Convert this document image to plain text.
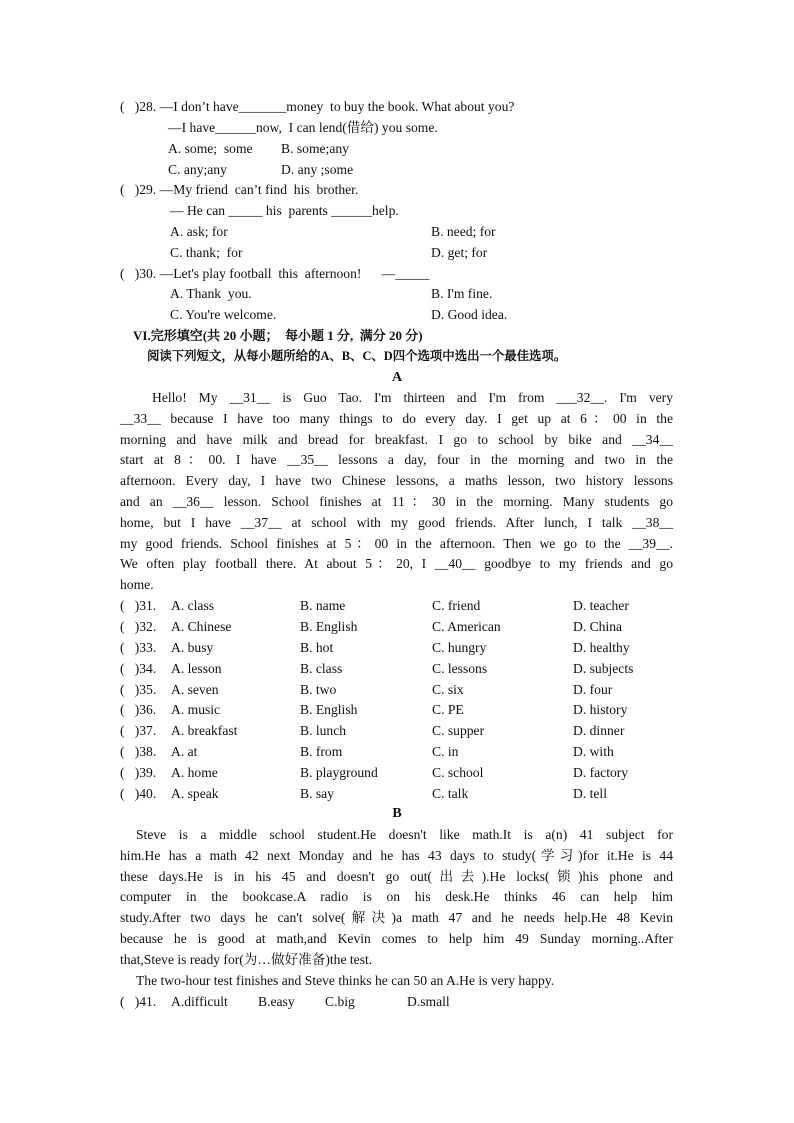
(   )28. —I don’t have_______money  to buy the book. What about you?
—I have______now,  I can lend(借给) you some.
A. some;  some B. some;any
C. any;any	D. any ;some
(   )29. —My friend  can’t find  his  brother.
— He can _____ his  parents ______help.
A. ask; for	B. need; for
C. thank;  for	D. get; for
(   )30. —Let's play football  this  afternoon!      —_____
A. Thank  you.	B. I'm fine.
C. You're welcome.	D. Good idea.
VI.完形填空(共 20 小题；  每小题 1 分,  满分 20 分)
阅读下列短文，从每小题所给的A、B、C、D四个选项中选出一个最佳选项。
A
Hello! My __31__ is Guo Tao. I'm thirteen and I'm from ___32__. I'm very
__33__ because I have too many things to do every day. I get up at 6：00 in the
morning and have milk and bread for breakfast. I go to school by bike and __34__
start at 8：00. I have __35__ lessons a day, four in the morning and two in the
afternoon. Every day, I have two Chinese lessons, a maths lesson, two history lessons
and an __36__ lesson. School finishes at 11：30 in the morning. Many students go
home, but I have __37__ at school with my good friends. After lunch, I talk __38__
my good friends. School finishes at 5：00 in the afternoon. Then we go to the __39__.
We often play football there. At about 5：20, I __40__ goodbye to my friends and go
home.
(   )31. A. class	B. name	C. friend	D. teacher
(   )32. A. Chinese	B. English	C. American	D. China
(   )33. A. busy	B. hot	C. hungry	D. healthy
(   )34. A. lesson	B. class	C. lessons	D. subjects
(   )35. A. seven	B. two	C. six	D. four
(   )36. A. music	B. English	C. PE	D. history
(   )37. A. breakfast	B. lunch	C. supper	D. dinner
(   )38. A. at	B. from	C. in	D. with
(   )39. A. home	B. playground	C. school	D. factory
(   )40. A. speak	B. say	C. talk	D. tell
B
Steve is a middle school student.He doesn't like math.It is a(n) 41 subject for
him.He has a math 42 next Monday and he has 43 days to study(学习)for it.He is 44
these days.He is in his 45 and doesn't go out(出去).He locks(锁)his phone and
computer in the bookcase.A radio is on his desk.He thinks 46 can help him
study.After two days he can't solve(解决)a math 47 and he needs help.He 48 Kevin
because he is good at math,and Kevin comes to help him 49 Sunday morning..After
that,Steve is ready for(为…做好准备)the test.
The two-hour test finishes and Steve thinks he can 50 an A.He is very happy.
(   )41. A.difficult B.easy C.big	D.small
